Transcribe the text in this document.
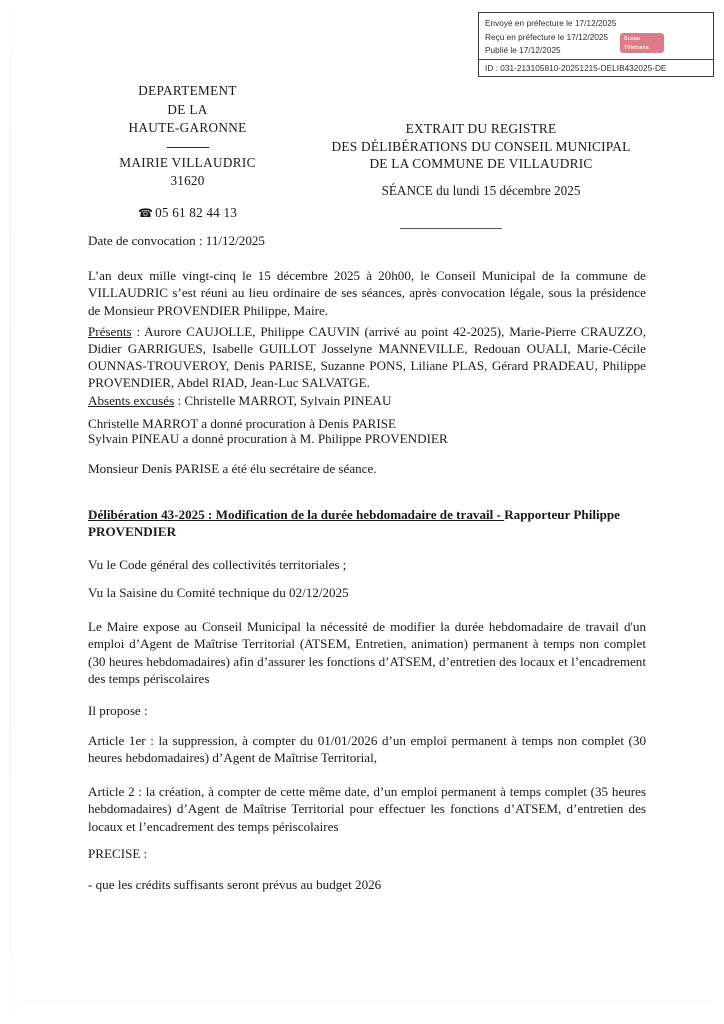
Envoyé en préfecture le 17/12/2025
Reçu en préfecture le 17/12/2025
Publié le 17/12/2025
ID : 031-213105810-20251215-DELIB432025-DE
Sceau
Télétrans.
DEPARTEMENT
DE LA
HAUTE-GARONNE
MAIRIE VILLAUDRIC
31620
☎ 05 61 82 44 13
EXTRAIT DU REGISTRE
DES DÉLIBÉRATIONS DU CONSEIL MUNICIPAL
DE LA COMMUNE DE VILLAUDRIC
SÉANCE du lundi 15 décembre 2025
Date de convocation : 11/12/2025
L’an deux mille vingt-cinq le 15 décembre 2025 à 20h00, le Conseil Municipal de la commune de VILLAUDRIC s’est réuni au lieu ordinaire de ses séances, après convocation légale, sous la présidence de Monsieur PROVENDIER Philippe, Maire.
Présents : Aurore CAUJOLLE, Philippe CAUVIN (arrivé au point 42-2025), Marie-Pierre CRAUZZO, Didier GARRIGUES, Isabelle GUILLOT Josselyne MANNEVILLE, Redouan OUALI, Marie-Cécile OUNNAS-TROUVEROY, Denis PARISE, Suzanne PONS, Liliane PLAS, Gérard PRADEAU, Philippe PROVENDIER, Abdel RIAD, Jean-Luc SALVATGE.
Absents excusés : Christelle MARROT, Sylvain PINEAU
Christelle MARROT a donné procuration à Denis PARISE
Sylvain PINEAU a donné procuration à M. Philippe PROVENDIER
Monsieur Denis PARISE a été élu secrétaire de séance.
Délibération 43-2025 : Modification de la durée hebdomadaire de travail - Rapporteur Philippe PROVENDIER
Vu le Code général des collectivités territoriales ;
Vu la Saisine du Comité technique du 02/12/2025
Le Maire expose au Conseil Municipal la nécessité de modifier la durée hebdomadaire de travail d'un emploi d’Agent de Maîtrise Territorial (ATSEM, Entretien, animation) permanent à temps non complet (30 heures hebdomadaires) afin d’assurer les fonctions d’ATSEM, d’entretien des locaux et l’encadrement des temps périscolaires
Il propose :
Article 1er : la suppression, à compter du 01/01/2026 d’un emploi permanent à temps non complet (30 heures hebdomadaires) d’Agent de Maîtrise Territorial,
Article 2 : la création, à compter de cette même date, d’un emploi permanent à temps complet (35 heures hebdomadaires) d’Agent de Maîtrise Territorial pour effectuer les fonctions d’ATSEM, d’entretien des locaux et l’encadrement des temps périscolaires
PRECISE :
- que les crédits suffisants seront prévus au budget 2026
